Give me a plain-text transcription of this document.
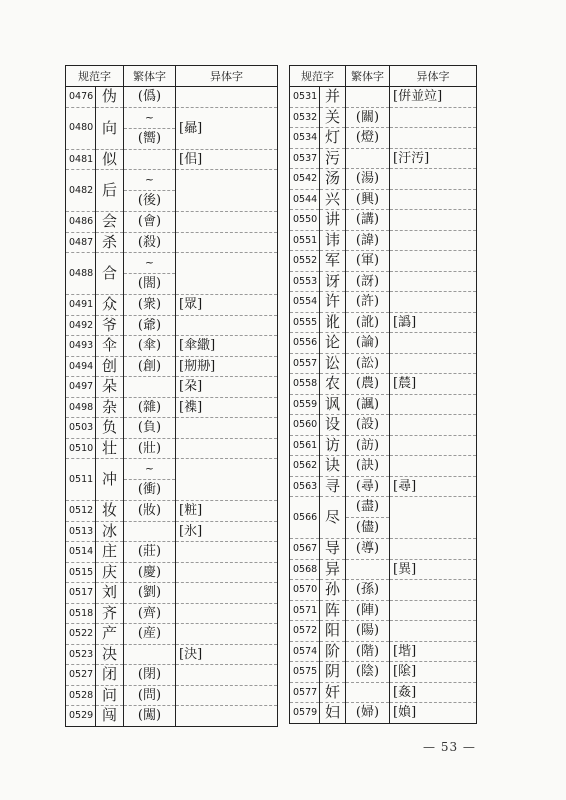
规范字		繁体字	异体字
0476	伪	(僞)	
0480	向	~
(嚮)	[曏]
0481	似		[佀]
0482	后	~
(後)	

0486	会	(會)	
0487	杀	(殺)	
0488	合	~
(閤)	

0491	众	(衆)	[眾]
0492	爷	(爺)	
0493	伞	(傘)	[傘繖]
0494	创	(創)	[剏剙]
0497	朵		[朶]
0498	杂	(雜)	[襍]
0503	负	(負)	
0510	壮	(壯)	
0511	冲	~
(衝)	

0512	妆	(妝)	[粧]
0513	冰		[氷]
0514	庄	(莊)	
0515	庆	(慶)	
0517	刘	(劉)	
0518	齐	(齊)	
0522	产	(産)	
0523	决		[決]
0527	闭	(閉)	
0528	问	(問)	
0529	闯	(闖)	
规范字		繁体字	异体字
0531	并		[倂並竝]
0532	关	(關)	
0534	灯	(燈)	
0537	污		[汙汚]
0542	汤	(湯)	
0544	兴	(興)	
0550	讲	(講)	
0551	讳	(諱)	
0552	军	(軍)	
0553	讶	(訝)	
0554	许	(許)	
0555	讹	(訛)	[譌]
0556	论	(論)	
0557	讼	(訟)	
0558	农	(農)	[辳]
0559	讽	(諷)	
0560	设	(設)	
0561	访	(訪)	
0562	诀	(訣)	
0563	寻	(尋)	[尋]
0566	尽	(盡)
(儘)	

0567	导	(導)	
0568	异		[異]
0570	孙	(孫)	
0571	阵	(陣)	
0572	阳	(陽)	
0574	阶	(階)	[堦]
0575	阴	(陰)	[隂]
0577	奸		[姦]
0579	妇	(婦)	[媍]
— 53 —
